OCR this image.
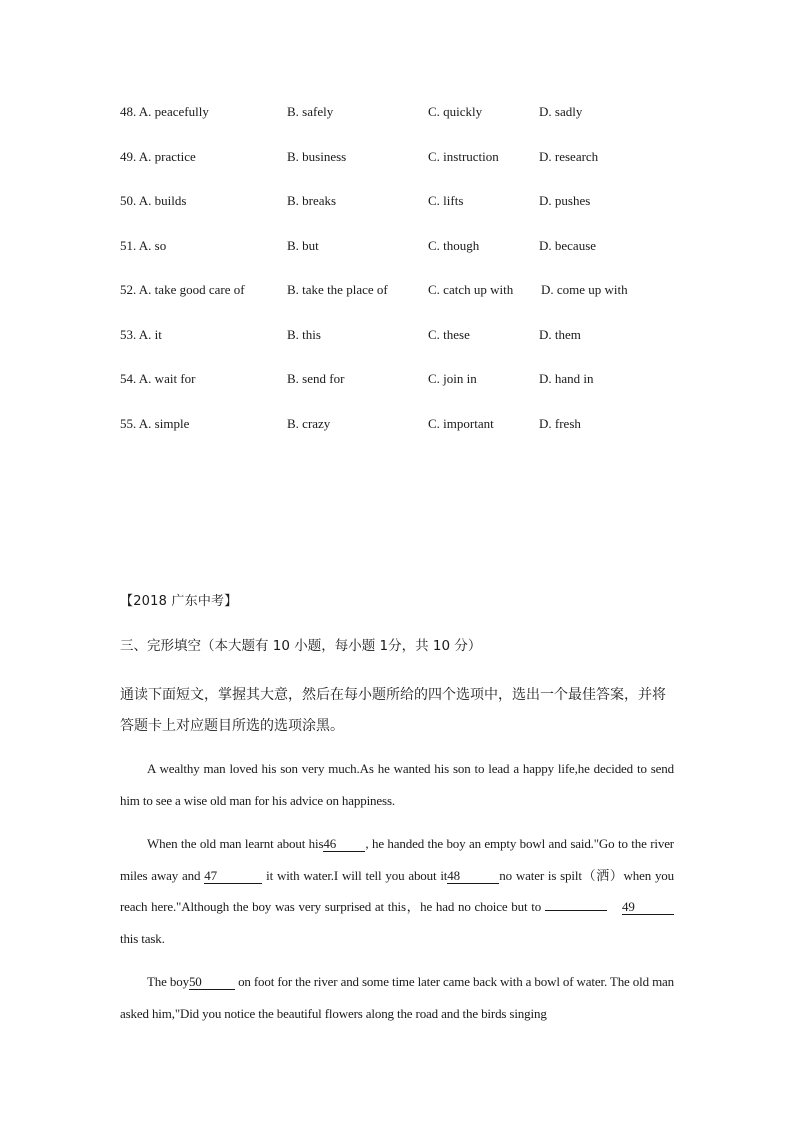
48. A. peacefully	B. safely	C. quickly	D. sadly
49. A. practice	B. business	C. instruction	D. research
50. A. builds	B. breaks	C. lifts	D. pushes
51. A. so	B. but	C. though	D. because
52. A. take good care of	B. take the place of	C. catch up with D. come up with
53. A. it	B. this	C. these	D. them
54. A. wait for	B. send for	C. join in	D. hand in
55. A. simple	B. crazy	C. important	D. fresh
【2018 广东中考】
三、完形填空（本大题有 10 小题，每小题 1分，共 10 分）
通读下面短文，掌握其大意，然后在每小题所给的四个选项中，选出一个最佳答案，并将答题卡上对应题目所选的选项涂黑。
A wealthy man loved his son very much.As he wanted his son to lead a happy life,he decided to send him to see a wise old man for his advice on happiness.
When the old man learnt about his46 , he handed the boy an empty bowl and said."Go to the river miles away and 47	it with water.I will tell you about it48	no water is spilt（洒）when you reach here."Although the boy was very surprised at this，he had no choice but to	49 this task.
The boy50	on foot for the river and some time later came back with a bowl of water. The old man asked him,"Did you notice the beautiful flowers along the road and the birds singing
